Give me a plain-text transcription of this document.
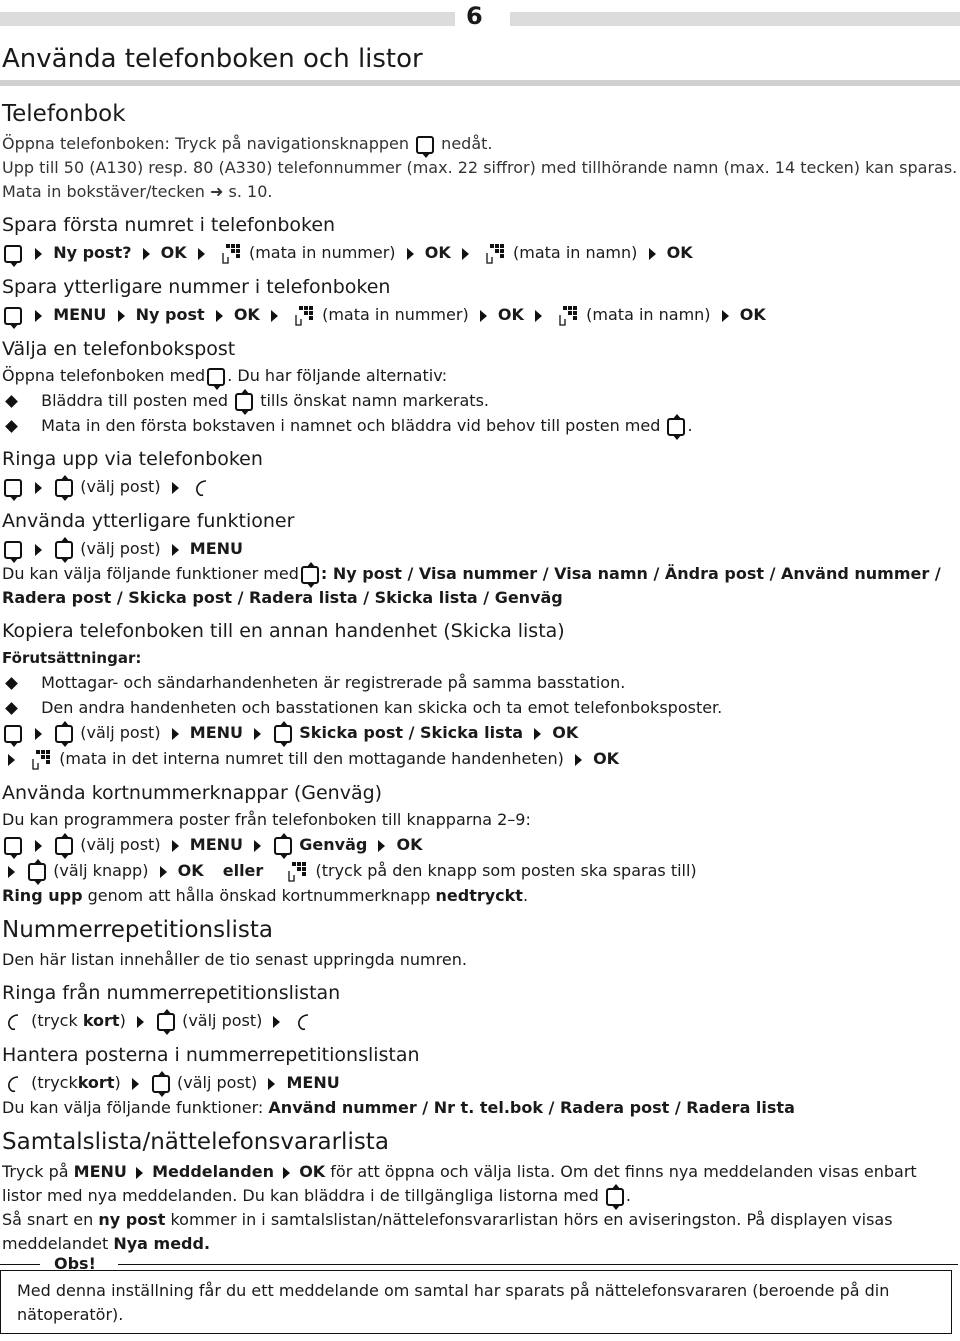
6
Använda telefonboken och listor
Telefonbok

Öppna telefonboken: Tryck på navigationsknappen nedåt.

Upp till 50 (A130) resp. 80 (A330) telefonnummer (max. 22 siffror) med tillhörande namn (max. 14 tecken) kan sparas.

Mata in bokstäver/tecken ➜ s. 10.

Spara första numret i telefonboken
Ny post? OK	(mata in nummer) OK	(mata in namn) OK
Spara ytterligare nummer i telefonboken
MENU Ny post OK	(mata in nummer) OK	(mata in namn) OK
Välja en telefonbokspost

Öppna telefonboken med . Du har följande alternativ:

Bläddra till posten med tills önskat namn markerats.
Mata in den första bokstaven i namnet och bläddra vid behov till posten med .
Ringa upp via telefonboken
(välj post)
Använda ytterligare funktioner
(välj post) MENU

Du kan välja följande funktioner med : Ny post / Visa nummer / Visa namn / Ändra post / Använd nummer / Radera post / Skicka post / Radera lista / Skicka lista / Genväg

Kopiera telefonboken till en annan handenhet (Skicka lista)

Förutsättningar:

Mottagar- och sändarhandenheten är registrerade på samma basstation.
Den andra handenheten och basstationen kan skicka och ta emot telefonboksposter.
(välj post) MENU	Skicka post / Skicka lista OK
(mata in det interna numret till den mottagande handenheten) OK
Använda kortnummerknappar (Genväg)

Du kan programmera poster från telefonboken till knapparna 2–9:

(välj post) MENU	Genväg OK
(välj knapp) OK eller	(tryck på den knapp som posten ska sparas till)

Ring upp genom att hålla önskad kortnummerknapp nedtryckt.

Nummerrepetitionslista

Den här listan innehåller de tio senast uppringda numren.

Ringa från nummerrepetitionslistan
(tryck kort)	(välj post)
Hantera posterna i nummerrepetitionslistan
(tryckkort)	(välj post) MENU

Du kan välja följande funktioner: Använd nummer / Nr t. tel.bok / Radera post / Radera lista

Samtalslista/nättelefonsvararlista

Tryck på MENU Meddelanden OK för att öppna och välja lista. Om det finns nya meddelanden visas enbart listor med nya meddelanden. Du kan bläddra i de tillgängliga listorna med .

Så snart en ny post kommer in i samtalslistan/nättelefonsvararlistan hörs en aviseringston. På displayen visas meddelandet Nya medd.

Obs!
Med denna inställning får du ett meddelande om samtal har sparats på nättelefonsvararen (beroende på din nätoperatör).
